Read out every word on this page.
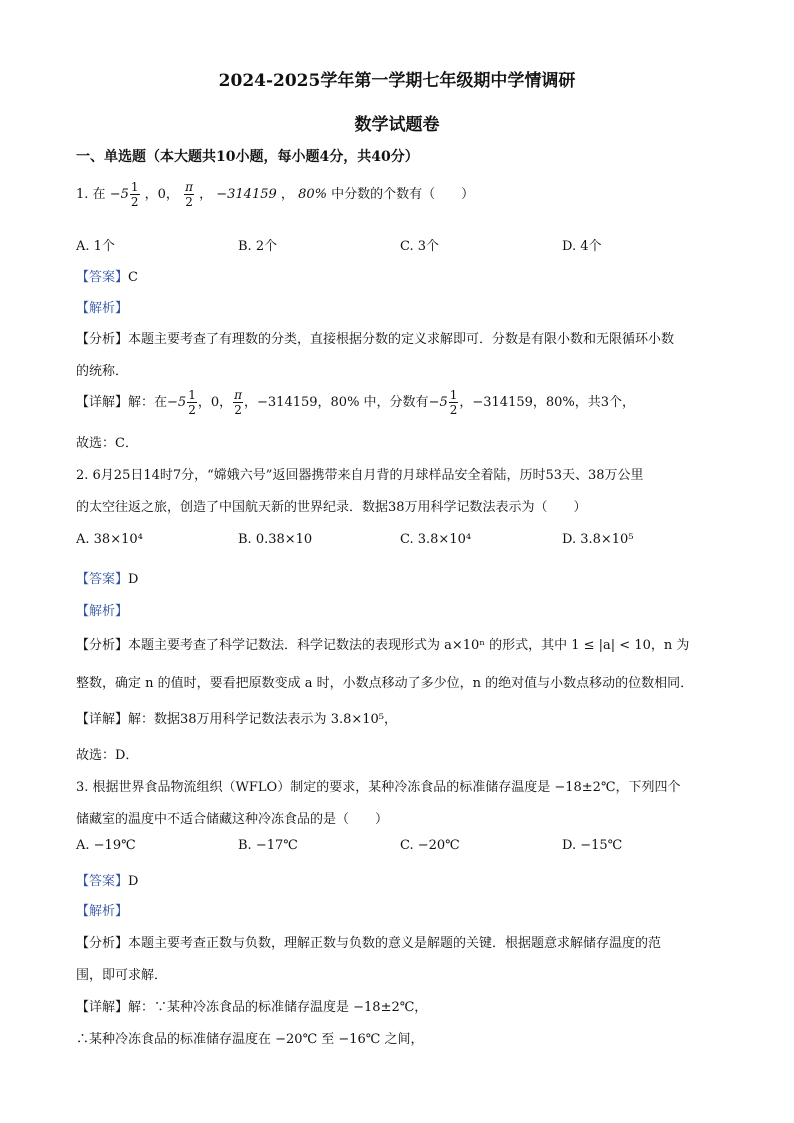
2024-2025学年第一学期七年级期中学情调研
数学试题卷
一、单选题（本大题共10小题，每小题4分，共40分）
1. 在 $-5 \frac{1}{2}$ ，0， $\frac{\pi}{2}$ ， −314159 ， 80% 中分数的个数有（　　）
A. 1个	B. 2个	C. 3个	D. 4个
【答案】C
【解析】
【分析】本题主要考查了有理数的分类，直接根据分数的定义求解即可．分数是有限小数和无限循环小数
的统称．
【详解】解：在$-5 \frac{1}{2}$ ，0， $\frac{\pi}{2}$ ，−314159，80% 中，分数有$-5 \frac{1}{2}$ ，−314159，80%，共3个，
故选：C．
2. 6月25日14时7分，“嫦娥六号”返回器携带来自月背的月球样品安全着陆，历时53天、38万公里
的太空往返之旅，创造了中国航天新的世界纪录．数据38万用科学记数法表示为（　　）
A. 38×10⁴	B. 0.38×10	C. 3.8×10⁴	D. 3.8×10⁵
【答案】D
【解析】
【分析】本题主要考查了科学记数法．科学记数法的表现形式为 a×10ⁿ 的形式，其中 1 ≤ |a| < 10，n 为
整数，确定 n 的值时，要看把原数变成 a 时，小数点移动了多少位，n 的绝对值与小数点移动的位数相同．
【详解】解：数据38万用科学记数法表示为 3.8×10⁵，
故选：D．
3. 根据世界食品物流组织（WFLO）制定的要求，某种冷冻食品的标准储存温度是 −18±2℃，下列四个
储藏室的温度中不适合储藏这种冷冻食品的是（　　）
A. −19℃	B. −17℃	C. −20℃	D. −15℃
【答案】D
【解析】
【分析】本题主要考查正数与负数，理解正数与负数的意义是解题的关键．根据题意求解储存温度的范
围，即可求解．
【详解】解：∵某种冷冻食品的标准储存温度是 −18±2℃，
∴某种冷冻食品的标准储存温度在 −20℃ 至 −16℃ 之间，
